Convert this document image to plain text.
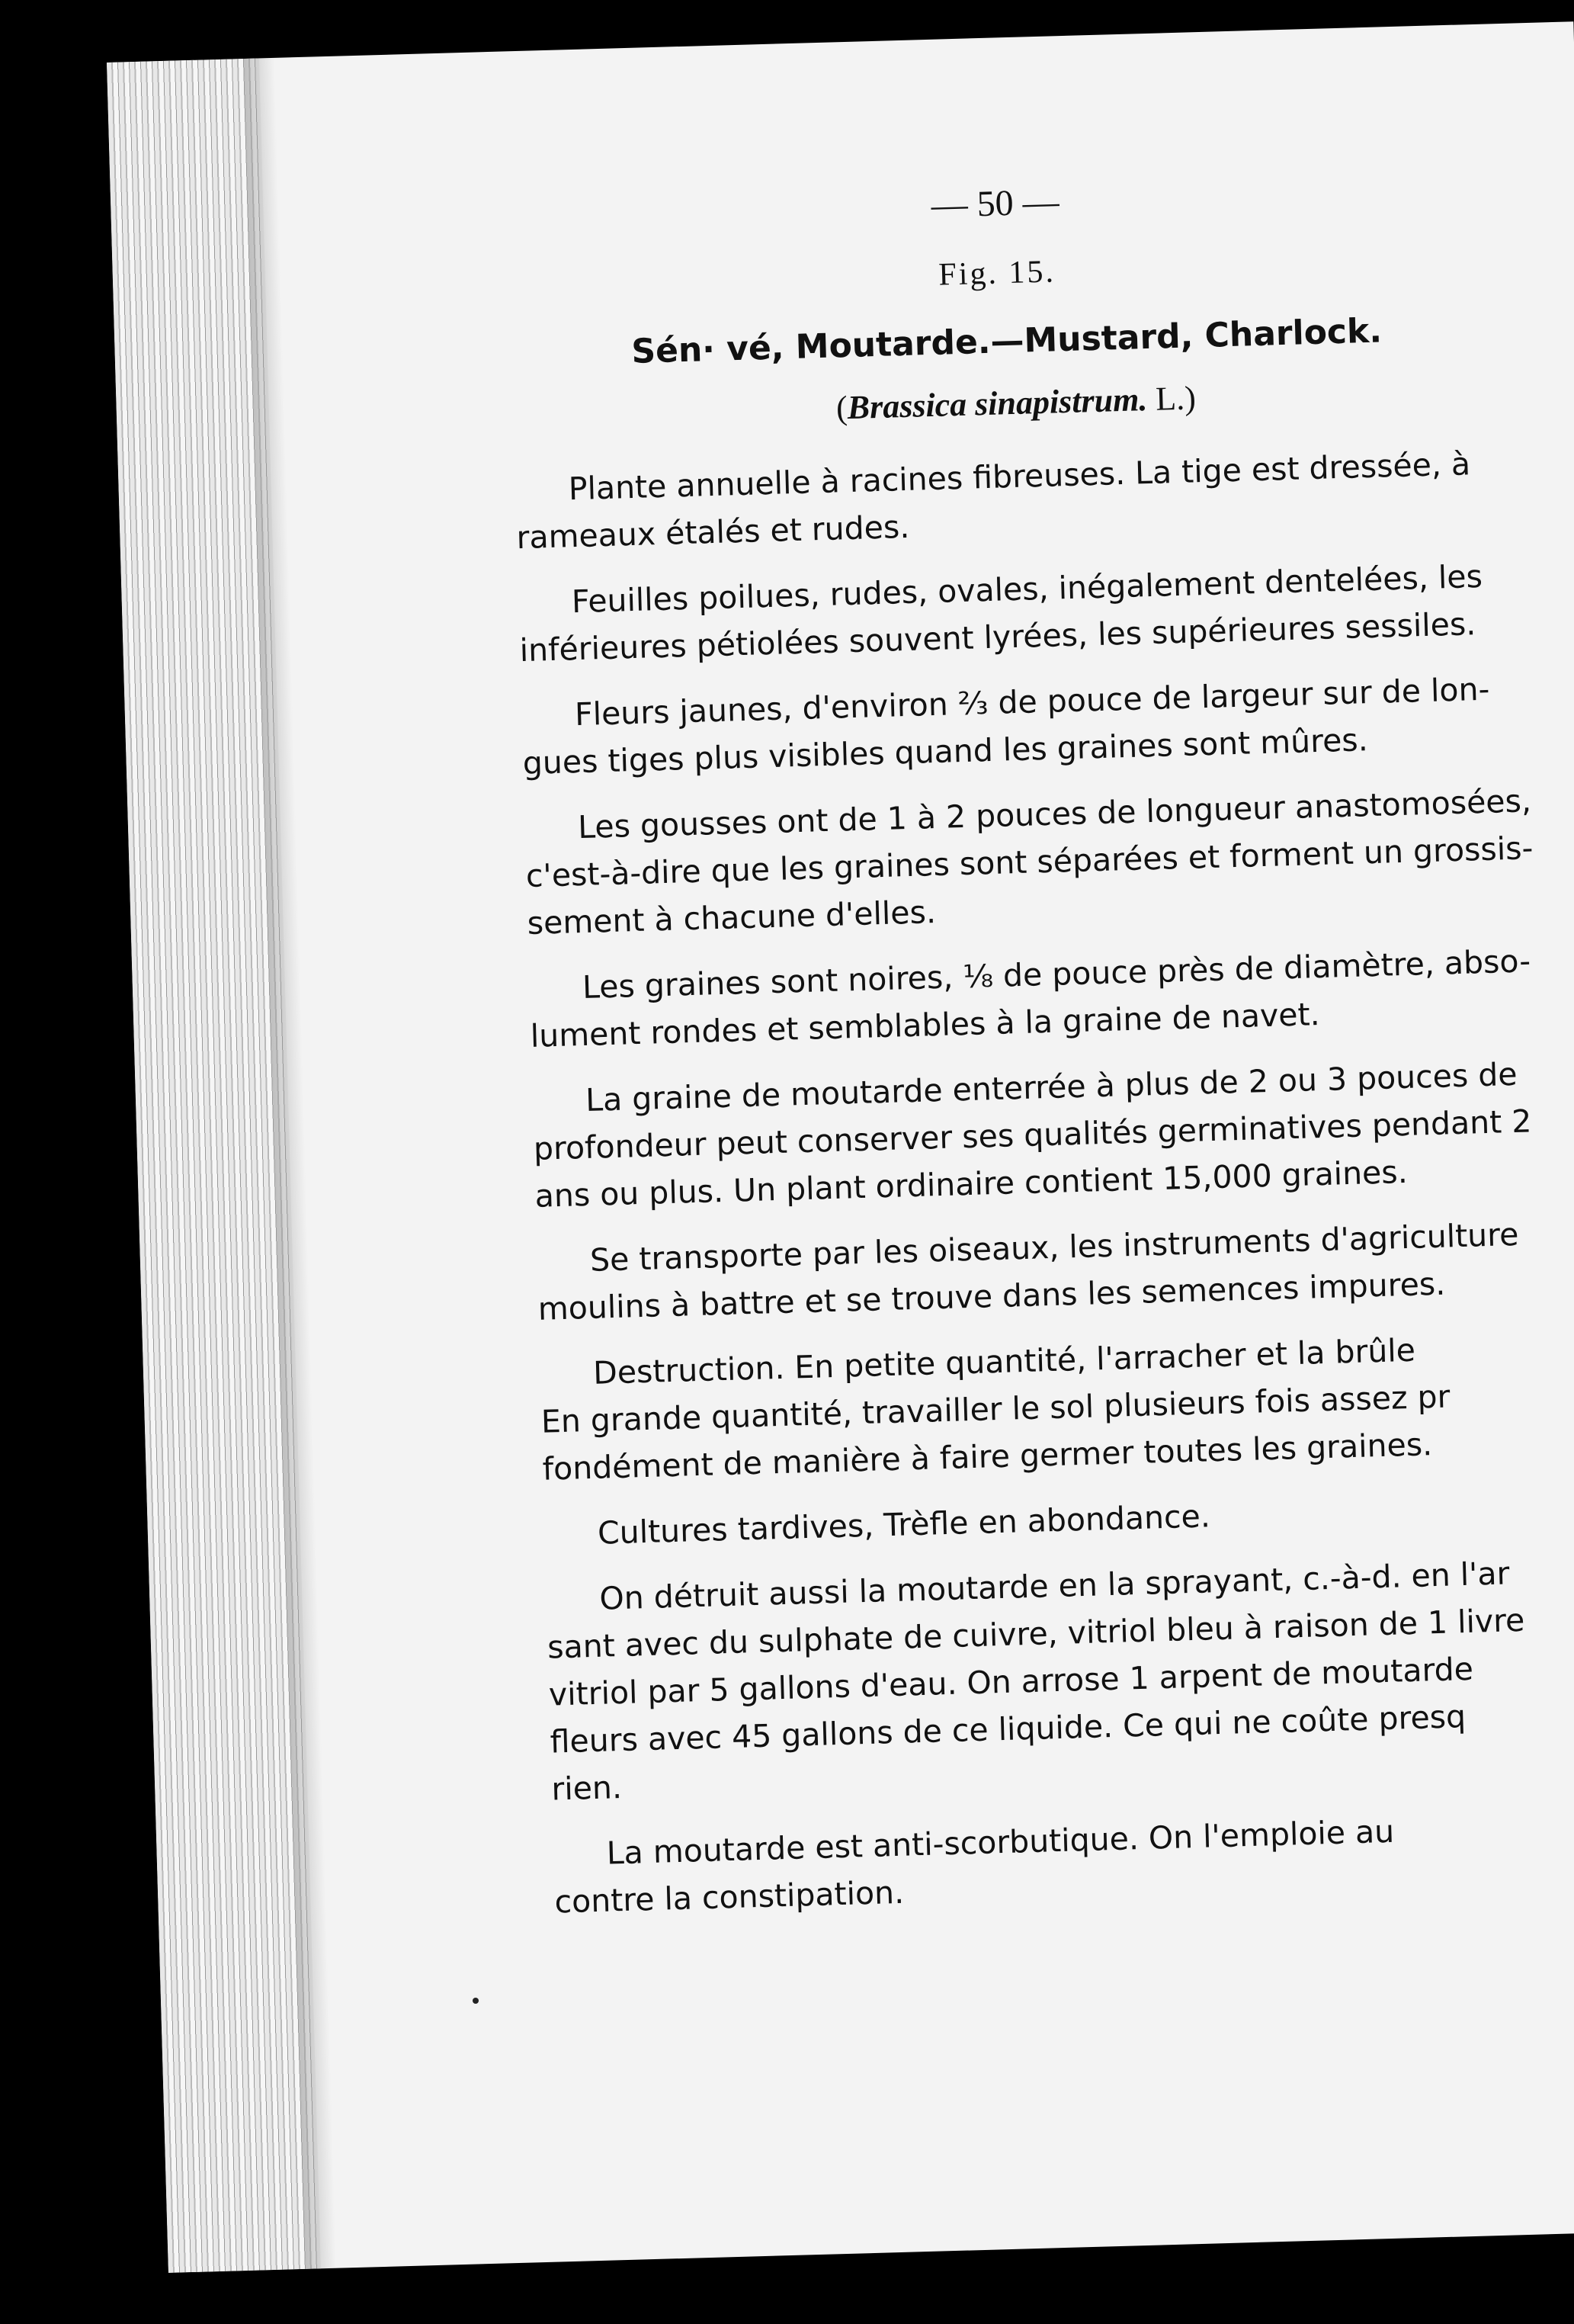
— 50 —
Fig. 15.
Sén· vé, Moutarde.—Mustard, Charlock.
(Brassica sinapistrum. L.)
Plante annuelle à racines fibreuses. La tige est dressée, à
rameaux étalés et rudes.
Feuilles poilues, rudes, ovales, inégalement dentelées, les
inférieures pétiolées souvent lyrées, les supérieures sessiles.
Fleurs jaunes, d'environ ⅔ de pouce de largeur sur de lon-
gues tiges plus visibles quand les graines sont mûres.
Les gousses ont de 1 à 2 pouces de longueur anastomosées,
c'est-à-dire que les graines sont séparées et forment un grossis-
sement à chacune d'elles.
Les graines sont noires, ⅛ de pouce près de diamètre, abso-
lument rondes et semblables à la graine de navet.
La graine de moutarde enterrée à plus de 2 ou 3 pouces de
profondeur peut conserver ses qualités germinatives pendant 2
ans ou plus. Un plant ordinaire contient 15,000 graines.
Se transporte par les oiseaux, les instruments d'agriculture
moulins à battre et se trouve dans les semences impures.
Destruction. En petite quantité, l'arracher et la brûle
En grande quantité, travailler le sol plusieurs fois assez pr
fondément de manière à faire germer toutes les graines.
Cultures tardives, Trèfle en abondance.
On détruit aussi la moutarde en la sprayant, c.-à-d. en l'ar
sant avec du sulphate de cuivre, vitriol bleu à raison de 1 livre
vitriol par 5 gallons d'eau. On arrose 1 arpent de moutarde
fleurs avec 45 gallons de ce liquide. Ce qui ne coûte presq
rien.
La moutarde est anti-scorbutique. On l'emploie au
contre la constipation.
